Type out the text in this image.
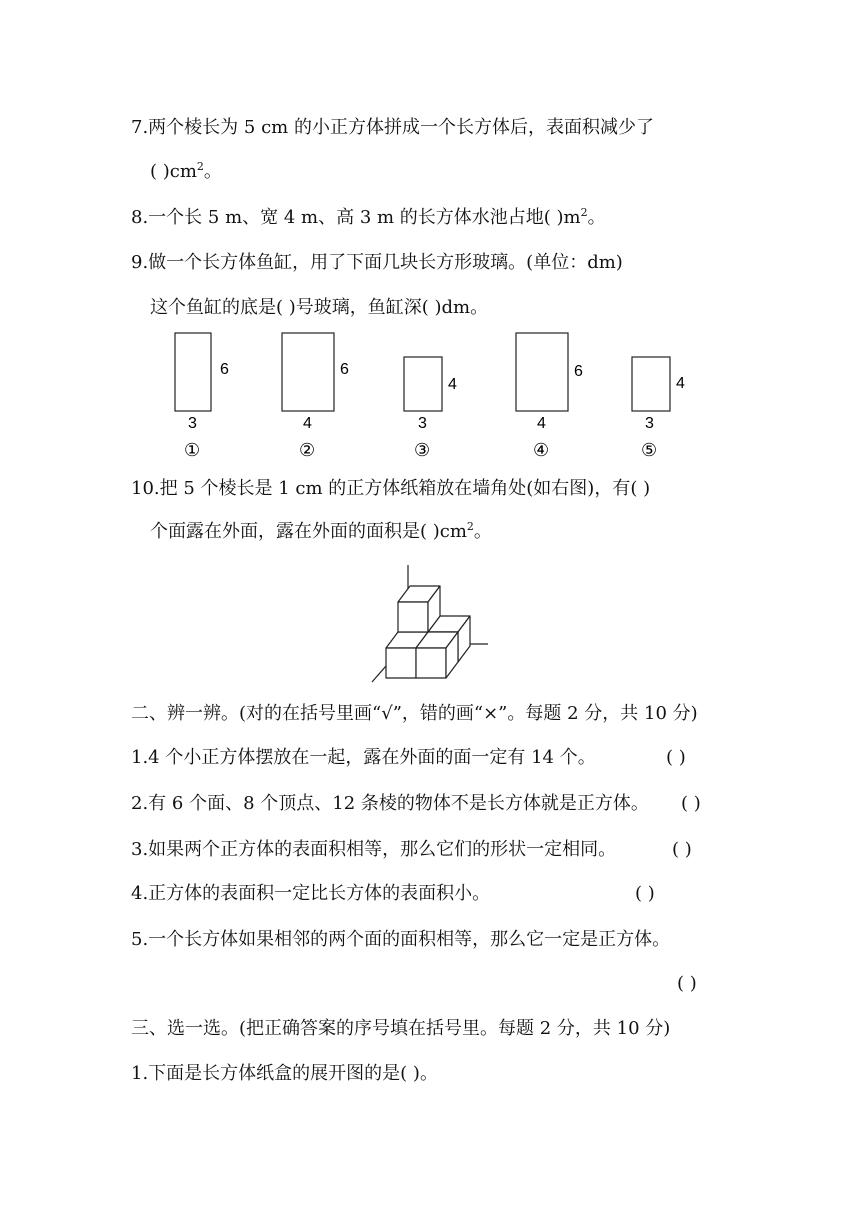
7.两个棱长为 5 cm 的小正方体拼成一个长方体后，表面积减少了
( )$cm^2$。
8.一个长 5 m、宽 4 m、高 3 m 的长方体水池占地( )$m^2$。
9.做一个长方体鱼缸，用了下面几块长方形玻璃。(单位：dm)
这个鱼缸的底是( )号玻璃，鱼缸深( )dm。
6
3
①
6
4
②
4
3
③
6
4
④
4
3
⑤
10.把 5 个棱长是 1 cm 的正方体纸箱放在墙角处(如右图)，有( )
个面露在外面，露在外面的面积是( )$cm^2$。
二、辨一辨。(对的在括号里画“√”，错的画“×”。每题 2 分，共 10 分)
1.4 个小正方体摆放在一起，露在外面的面一定有 14 个。	( )
2.有 6 个面、8 个顶点、12 条棱的物体不是长方体就是正方体。 ( )
3.如果两个正方体的表面积相等，那么它们的形状一定相同。	( )
4.正方体的表面积一定比长方体的表面积小。	( )
5.一个长方体如果相邻的两个面的面积相等，那么它一定是正方体。
( )
三、选一选。(把正确答案的序号填在括号里。每题 2 分，共 10 分)
1.下面是长方体纸盒的展开图的是( )。
